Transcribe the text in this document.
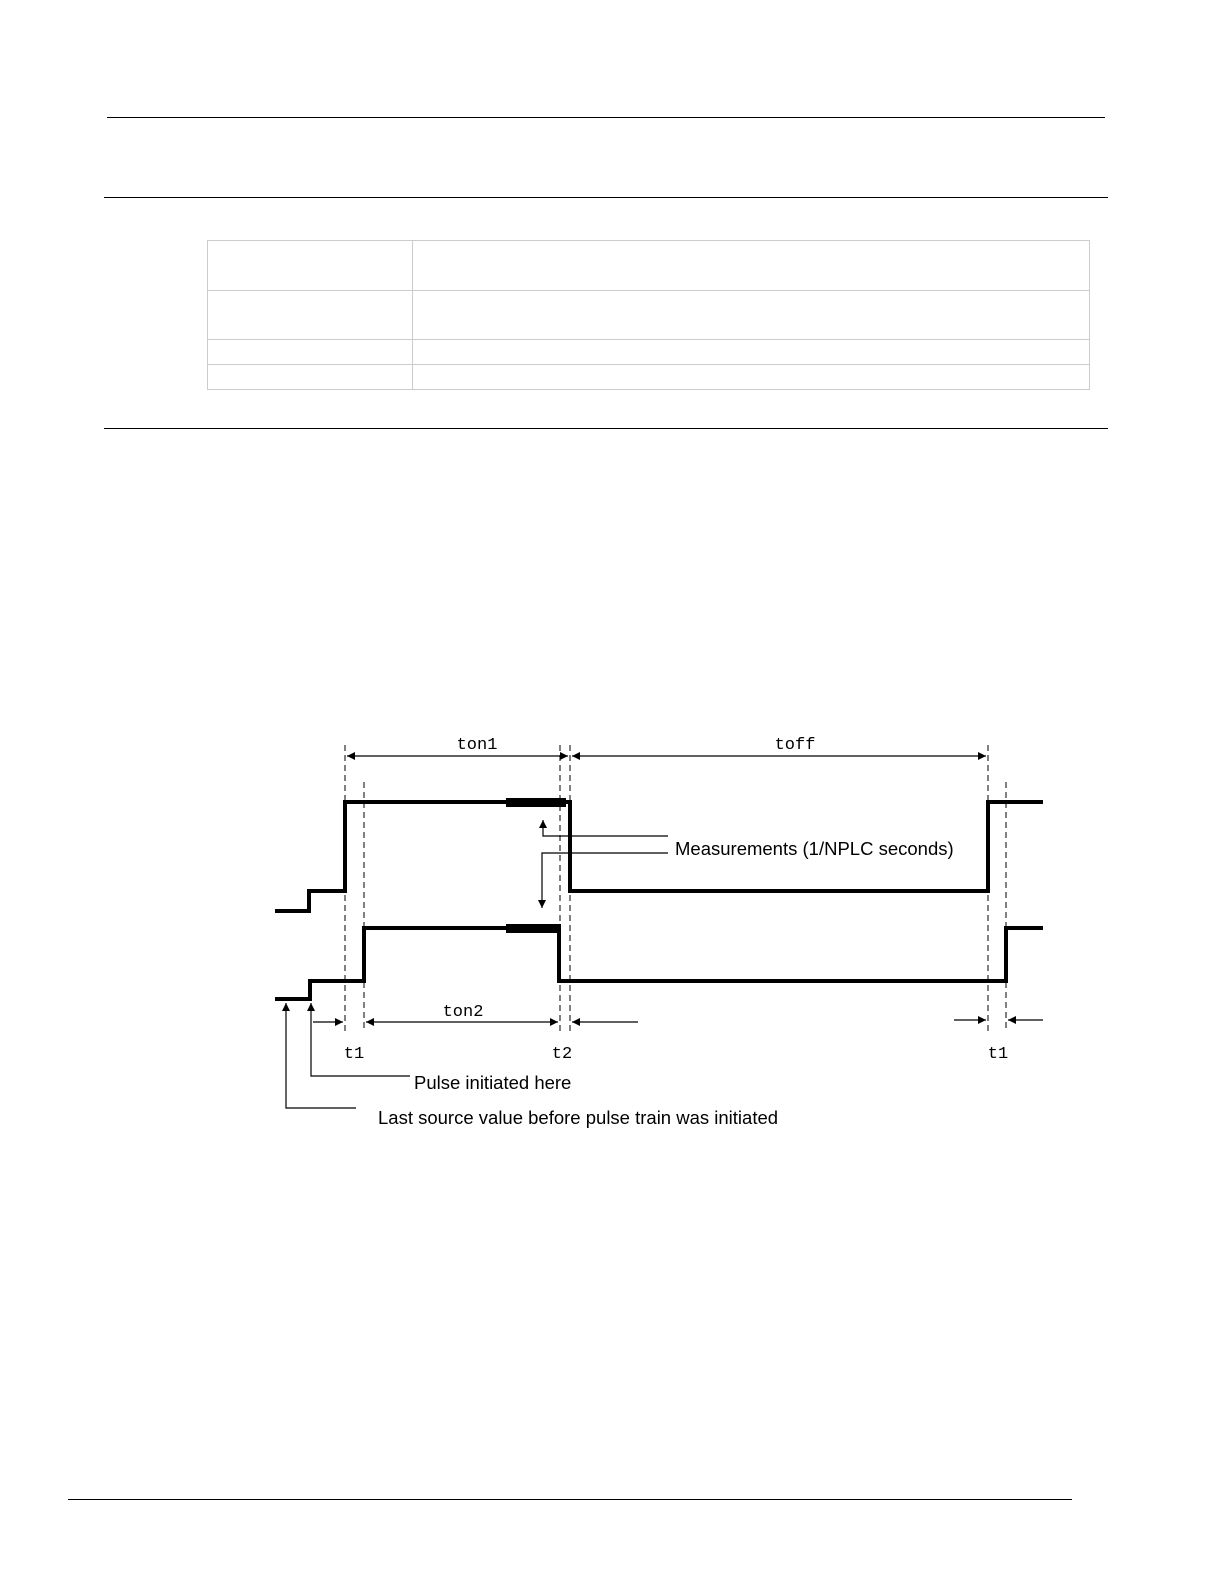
ton1	toff
ton2
t1	t2	t1
Measurements (1/NPLC seconds)
Pulse initiated here
Last source value before pulse train was initiated
